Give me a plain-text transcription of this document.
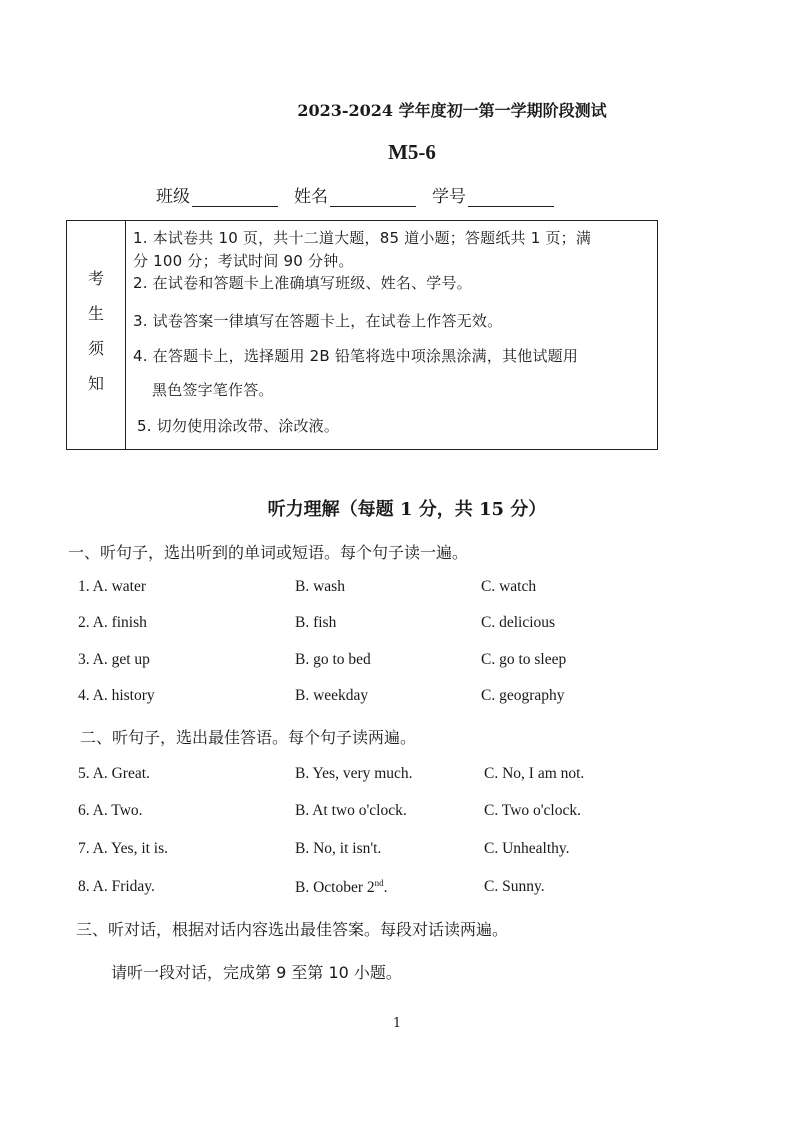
2023-2024 学年度初一第一学期阶段测试
M5-6
班级	姓名	学号
考
生
须
知
1. 本试卷共 10 页，共十二道大题，85 道小题；答题纸共 1 页；满
分 100 分；考试时间 90 分钟。
2. 在试卷和答题卡上准确填写班级、姓名、学号。
3. 试卷答案一律填写在答题卡上，在试卷上作答无效。
4. 在答题卡上，选择题用 2B 铅笔将选中项涂黑涂满，其他试题用
黑色签字笔作答。
5. 切勿使用涂改带、涂改液。
听力理解（每题 1 分，共 15 分）
一、听句子，选出听到的单词或短语。每个句子读一遍。
1. A. water	B. wash	C. watch
2. A. finish	B. fish	C. delicious
3. A. get up	B. go to bed	C. go to sleep
4. A. history	B. weekday	C. geography
二、听句子，选出最佳答语。每个句子读两遍。
5. A. Great.	B. Yes, very much.	C. No, I am not.
6. A. Two.	B. At two o'clock.	C. Two o'clock.
7. A. Yes, it is.	B. No, it isn't.	C. Unhealthy.
8. A. Friday.	B. October 2nd.	C. Sunny.
三、听对话，根据对话内容选出最佳答案。每段对话读两遍。
请听一段对话，完成第 9 至第 10 小题。
1
